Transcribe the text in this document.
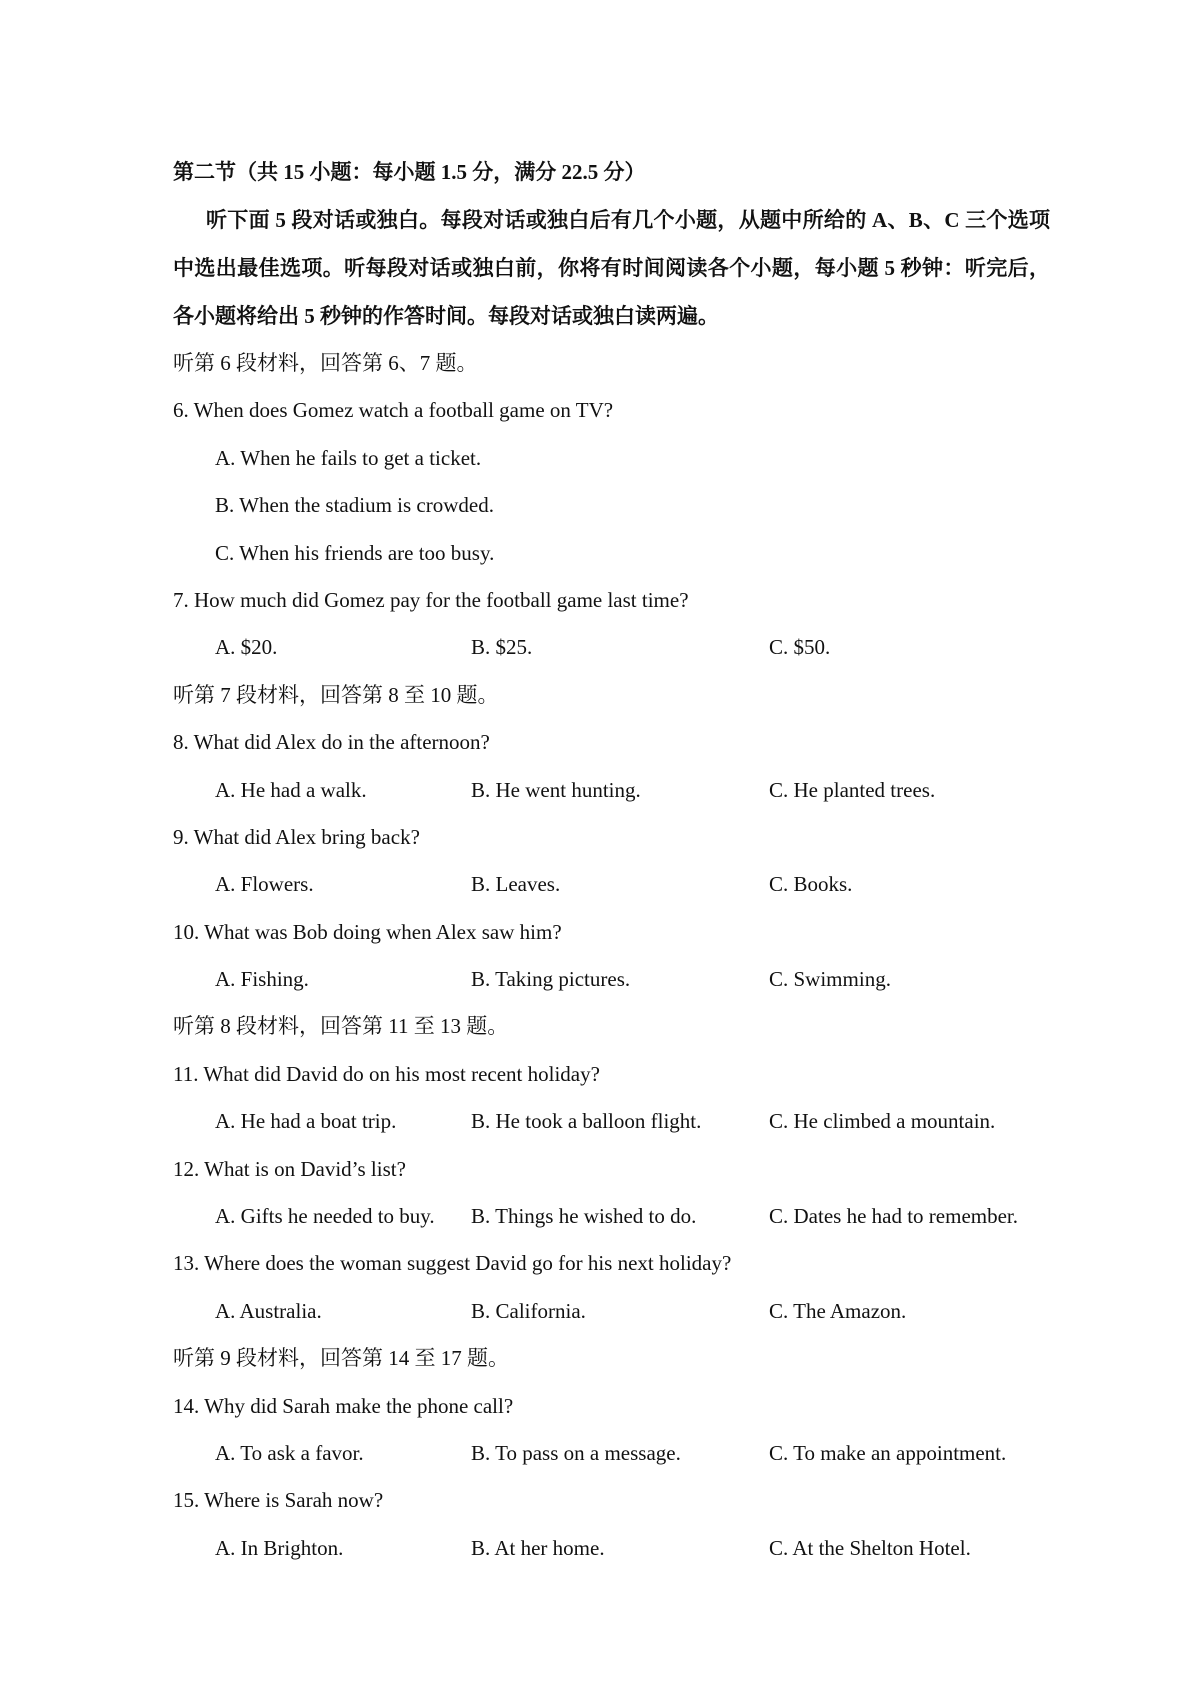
第二节（共 15 小题：每小题 1.5 分，满分 22.5 分）

听下面 5 段对话或独白。每段对话或独白后有几个小题，从题中所给的 A、B、C 三个选项中选出最佳选项。听每段对话或独白前，你将有时间阅读各个小题，每小题 5 秒钟：听完后，各小题将给出 5 秒钟的作答时间。每段对话或独白读两遍。

听第 6 段材料，回答第 6、7 题。
6. When does Gomez watch a football game on TV?
A. When he fails to get a ticket.
B. When the stadium is crowded.
C. When his friends are too busy.
7. How much did Gomez pay for the football game last time?
A. $20.	B. $25.	C. $50.
听第 7 段材料，回答第 8 至 10 题。
8. What did Alex do in the afternoon?
A. He had a walk.	B. He went hunting.	C. He planted trees.
9. What did Alex bring back?
A. Flowers.	B. Leaves.	C. Books.
10. What was Bob doing when Alex saw him?
A. Fishing.	B. Taking pictures.	C. Swimming.
听第 8 段材料，回答第 11 至 13 题。
11. What did David do on his most recent holiday?
A. He had a boat trip.	B. He took a balloon flight.	C. He climbed a mountain.
12. What is on David’s list?
A. Gifts he needed to buy.	B. Things he wished to do.	C. Dates he had to remember.
13. Where does the woman suggest David go for his next holiday?
A. Australia.	B. California.	C. The Amazon.
听第 9 段材料，回答第 14 至 17 题。
14. Why did Sarah make the phone call?
A. To ask a favor.	B. To pass on a message.	C. To make an appointment.
15. Where is Sarah now?
A. In Brighton.	B. At her home.	C. At the Shelton Hotel.
